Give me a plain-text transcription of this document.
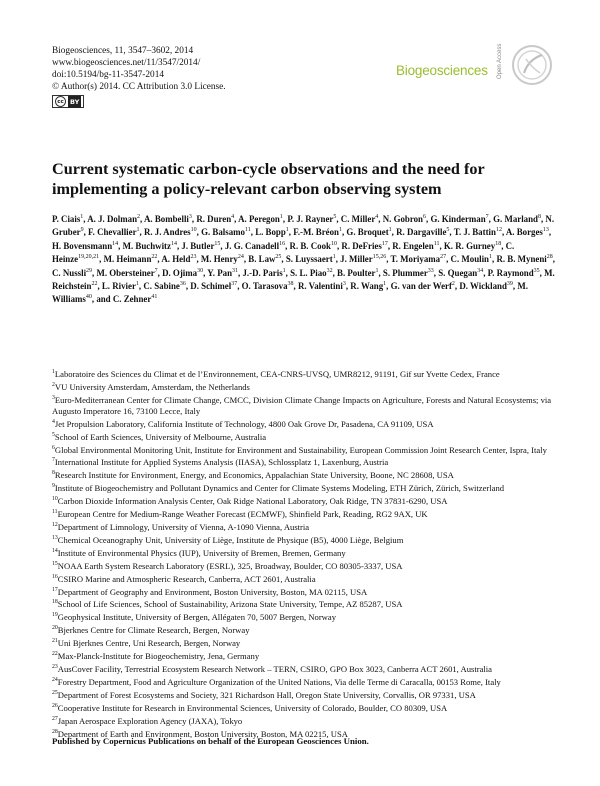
Biogeosciences, 11, 3547–3602, 2014
www.biogeosciences.net/11/3547/2014/
doi:10.5194/bg-11-3547-2014
© Author(s) 2014. CC Attribution 3.0 License.
cc BY
Biogeosciences Open Access
Current systematic carbon-cycle observations and the need for implementing a policy-relevant carbon observing system
P. Ciais$^1$, A. J. Dolman$^2$, A. Bombelli$^3$, R. Duren$^4$, A. Peregon$^1$, P. J. Rayner$^5$, C. Miller$^4$, N. Gobron$^6$, G. Kinderman$^7$, G. Marland$^8$, N. Gruber$^9$, F. Chevallier$^1$, R. J. Andres$^{10}$, G. Balsamo$^{11}$, L. Bopp$^1$, F.-M. Bréon$^1$, G. Broquet$^1$, R. Dargaville$^5$, T. J. Battin$^{12}$, A. Borges$^{13}$, H. Bovensmann$^{14}$, M. Buchwitz$^{14}$, J. Butler$^{15}$, J. G. Canadell$^{16}$, R. B. Cook$^{10}$, R. DeFries$^{17}$, R. Engelen$^{11}$, K. R. Gurney$^{18}$, C. Heinze$^{19,20,21}$, M. Heimann$^{22}$, A. Held$^{23}$, M. Henry$^{24}$, B. Law$^{25}$, S. Luyssaert$^1$, J. Miller$^{15,26}$, T. Moriyama$^{27}$, C. Moulin$^1$, R. B. Myneni$^{28}$, C. Nussli$^{29}$, M. Obersteiner$^7$, D. Ojima$^{30}$, Y. Pan$^{31}$, J.-D. Paris$^1$, S. L. Piao$^{32}$, B. Poulter$^1$, S. Plummer$^{33}$, S. Quegan$^{34}$, P. Raymond$^{35}$, M. Reichstein$^{22}$, L. Rivier$^1$, C. Sabine$^{36}$, D. Schimel$^{37}$, O. Tarasova$^{38}$, R. Valentini$^3$, R. Wang$^1$, G. van der Werf$^2$, D. Wickland$^{39}$, M. Williams$^{40}$, and C. Zehner$^{41}$
$^1$Laboratoire des Sciences du Climat et de l’Environnement, CEA-CNRS-UVSQ, UMR8212, 91191, Gif sur Yvette Cedex, France
$^2$VU University Amsterdam, Amsterdam, the Netherlands
$^3$Euro-Mediterranean Center for Climate Change, CMCC, Division Climate Change Impacts on Agriculture, Forests and Natural Ecosystems; via Augusto Imperatore 16, 73100 Lecce, Italy
$^4$Jet Propulsion Laboratory, California Institute of Technology, 4800 Oak Grove Dr, Pasadena, CA 91109, USA
$^5$School of Earth Sciences, University of Melbourne, Australia
$^6$Global Environmental Monitoring Unit, Institute for Environment and Sustainability, European Commission Joint Research Center, Ispra, Italy
$^7$International Institute for Applied Systems Analysis (IIASA), Schlossplatz 1, Laxenburg, Austria
$^8$Research Institute for Environment, Energy, and Economics, Appalachian State University, Boone, NC 28608, USA
$^9$Institute of Biogeochemistry and Pollutant Dynamics and Center for Climate Systems Modeling, ETH Zürich, Zürich, Switzerland
$^{10}$Carbon Dioxide Information Analysis Center, Oak Ridge National Laboratory, Oak Ridge, TN 37831-6290, USA
$^{11}$European Centre for Medium-Range Weather Forecast (ECMWF), Shinfield Park, Reading, RG2 9AX, UK
$^{12}$Department of Limnology, University of Vienna, A-1090 Vienna, Austria
$^{13}$Chemical Oceanography Unit, University of Liège, Institute de Physique (B5), 4000 Liège, Belgium
$^{14}$Institute of Environmental Physics (IUP), University of Bremen, Bremen, Germany
$^{15}$NOAA Earth System Research Laboratory (ESRL), 325, Broadway, Boulder, CO 80305-3337, USA
$^{16}$CSIRO Marine and Atmospheric Research, Canberra, ACT 2601, Australia
$^{17}$Department of Geography and Environment, Boston University, Boston, MA 02115, USA
$^{18}$School of Life Sciences, School of Sustainability, Arizona State University, Tempe, AZ 85287, USA
$^{19}$Geophysical Institute, University of Bergen, Allégaten 70, 5007 Bergen, Norway
$^{20}$Bjerknes Centre for Climate Research, Bergen, Norway
$^{21}$Uni Bjerknes Centre, Uni Research, Bergen, Norway
$^{22}$Max-Planck-Institute for Biogeochemistry, Jena, Germany
$^{23}$AusCover Facility, Terrestrial Ecosystem Research Network – TERN, CSIRO, GPO Box 3023, Canberra ACT 2601, Australia
$^{24}$Forestry Department, Food and Agriculture Organization of the United Nations, Via delle Terme di Caracalla, 00153 Rome, Italy
$^{25}$Department of Forest Ecosystems and Society, 321 Richardson Hall, Oregon State University, Corvallis, OR 97331, USA
$^{26}$Cooperative Institute for Research in Environmental Sciences, University of Colorado, Boulder, CO 80309, USA
$^{27}$Japan Aerospace Exploration Agency (JAXA), Tokyo
$^{28}$Department of Earth and Environment, Boston University, Boston, MA 02215, USA
Published by Copernicus Publications on behalf of the European Geosciences Union.
